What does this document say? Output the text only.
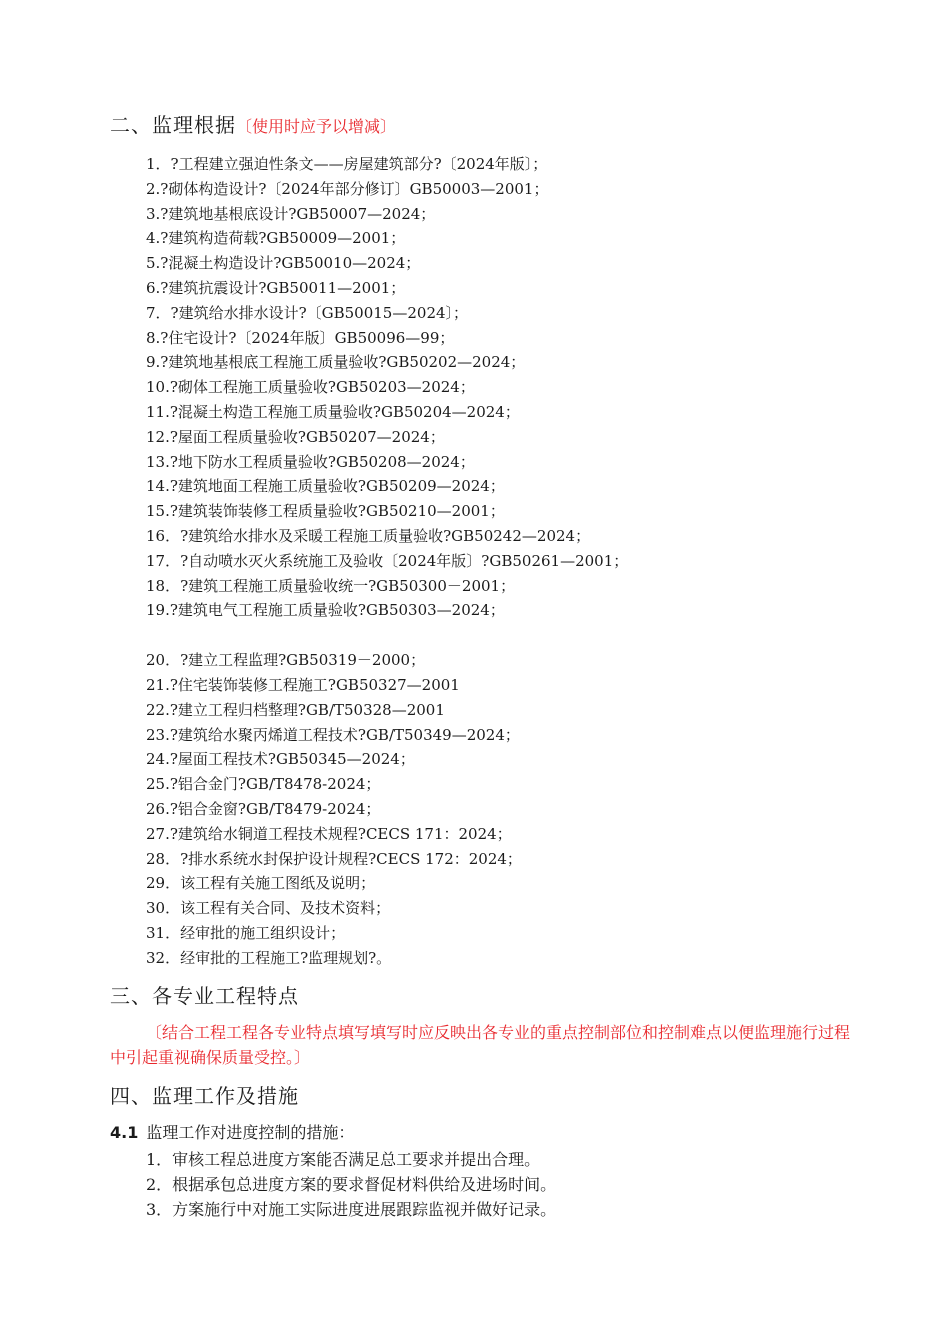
二、监理根据〔使用时应予以增减〕
1．?工程建立强迫性条文——房屋建筑部分?〔2024年版〕；
2.?砌体构造设计?〔2024年部分修订〕GB50003—2001；
3.?建筑地基根底设计?GB50007—2024；
4.?建筑构造荷载?GB50009—2001；
5.?混凝土构造设计?GB50010—2024；
6.?建筑抗震设计?GB50011—2001；
7．?建筑给水排水设计?〔GB50015—2024〕；
8.?住宅设计?〔2024年版〕GB50096—99；
9.?建筑地基根底工程施工质量验收?GB50202—2024；
10.?砌体工程施工质量验收?GB50203—2024；
11.?混凝土构造工程施工质量验收?GB50204—2024；
12.?屋面工程质量验收?GB50207—2024；
13.?地下防水工程质量验收?GB50208—2024；
14.?建筑地面工程施工质量验收?GB50209—2024；
15.?建筑装饰装修工程质量验收?GB50210—2001；
16．?建筑给水排水及采暖工程施工质量验收?GB50242—2024；
17．?自动喷水灭火系统施工及验收〔2024年版〕?GB50261—2001；
18．?建筑工程施工质量验收统一?GB50300－2001；
19.?建筑电气工程施工质量验收?GB50303—2024；
20．?建立工程监理?GB50319－2000；
21.?住宅装饰装修工程施工?GB50327—2001
22.?建立工程归档整理?GB/T50328—2001
23.?建筑给水聚丙烯道工程技术?GB/T50349—2024；
24.?屋面工程技术?GB50345—2024；
25.?铝合金门?GB/T8478-2024；
26.?铝合金窗?GB/T8479-2024；
27.?建筑给水铜道工程技术规程?CECS 171：2024；
28．?排水系统水封保护设计规程?CECS 172：2024；
29．该工程有关施工图纸及说明；
30．该工程有关合同、及技术资料；
31．经审批的施工组织设计；
32．经审批的工程施工?监理规划?。
三、各专业工程特点
〔结合工程工程各专业特点填写填写时应反映出各专业的重点控制部位和控制难点以便监理施行过程中引起重视确保质量受控。〕
四、监理工作及措施
4.1 监理工作对进度控制的措施：
1．审核工程总进度方案能否满足总工要求并提出合理。
2．根据承包总进度方案的要求督促材料供给及进场时间。
3．方案施行中对施工实际进度进展跟踪监视并做好记录。
